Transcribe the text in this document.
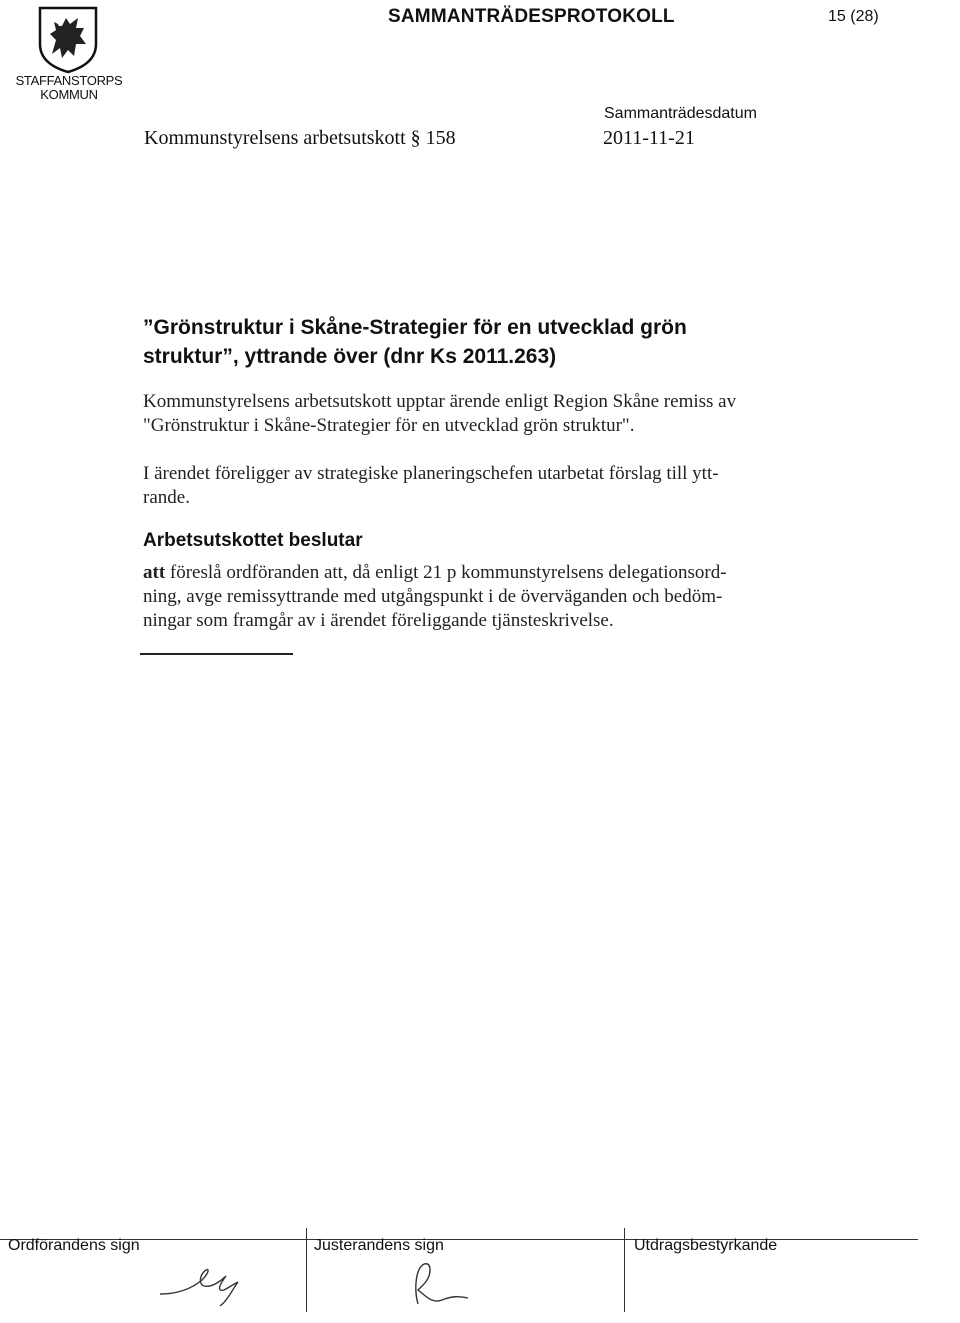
STAFFANSTORPS
KOMMUN
SAMMANTRÄDESPROTOKOLL	15 (28)
Kommunstyrelsens arbetsutskott § 158
Sammanträdesdatum
2011-11-21
”Grönstruktur i Skåne-Strategier för en utvecklad grön
struktur”, yttrande över (dnr Ks 2011.263)
Kommunstyrelsens arbetsutskott upptar ärende enligt Region Skåne remiss av
"Grönstruktur i Skåne-Strategier för en utvecklad grön struktur".
I ärendet föreligger av strategiske planeringschefen utarbetat förslag till ytt-
rande.
Arbetsutskottet beslutar
att föreslå ordföranden att, då enligt 21 p kommunstyrelsens delegationsord-
ning, avge remissyttrande med utgångspunkt i de överväganden och bedöm-
ningar som framgår av i ärendet föreliggande tjänsteskrivelse.
Ordförandens sign	Justerandens sign	Utdragsbestyrkande
